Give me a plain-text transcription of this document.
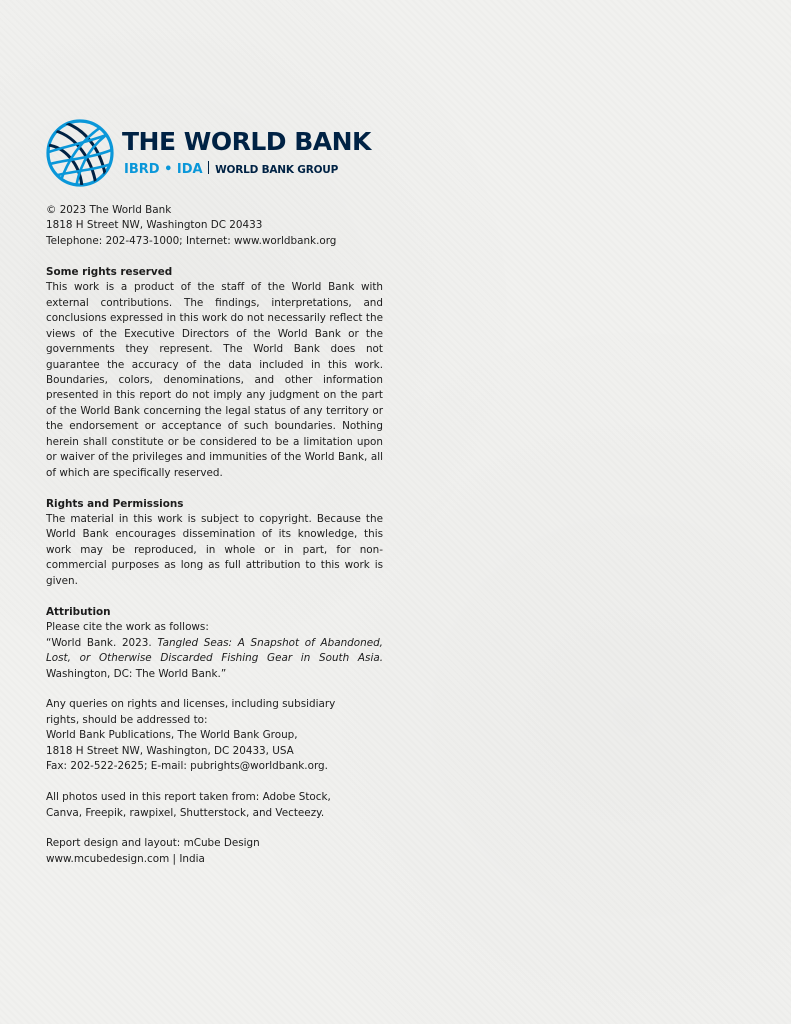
THE WORLD BANK
IBRD • IDA WORLD BANK GROUP

© 2023 The World Bank
1818 H Street NW, Washington DC 20433
Telephone: 202-473-1000; Internet: www.worldbank.org

Some rights reserved
This work is a product of the staff of the World Bank with external contributions. The findings, interpretations, and conclusions expressed in this work do not necessarily reflect the views of the Executive Directors of the World Bank or the governments they represent. The World Bank does not guarantee the accuracy of the data included in this work. Boundaries, colors, denominations, and other information presented in this report do not imply any judgment on the part of the World Bank concerning the legal status of any territory or the endorsement or acceptance of such boundaries. Nothing herein shall constitute or be considered to be a limitation upon or waiver of the privileges and immunities of the World Bank, all of which are specifically reserved.

Rights and Permissions
The material in this work is subject to copyright. Because the World Bank encourages dissemination of its knowledge, this work may be reproduced, in whole or in part, for non-commercial purposes as long as full attribution to this work is given.

Attribution
Please cite the work as follows:
“World Bank. 2023. Tangled Seas: A Snapshot of Abandoned, Lost, or Otherwise Discarded Fishing Gear in South Asia. Washington, DC: The World Bank.”

Any queries on rights and licenses, including subsidiary
rights, should be addressed to:
World Bank Publications, The World Bank Group,
1818 H Street NW, Washington, DC 20433, USA
Fax: 202-522-2625; E-mail: pubrights@worldbank.org.

All photos used in this report taken from: Adobe Stock,
Canva, Freepik, rawpixel, Shutterstock, and Vecteezy.

Report design and layout: mCube Design
www.mcubedesign.com | India
